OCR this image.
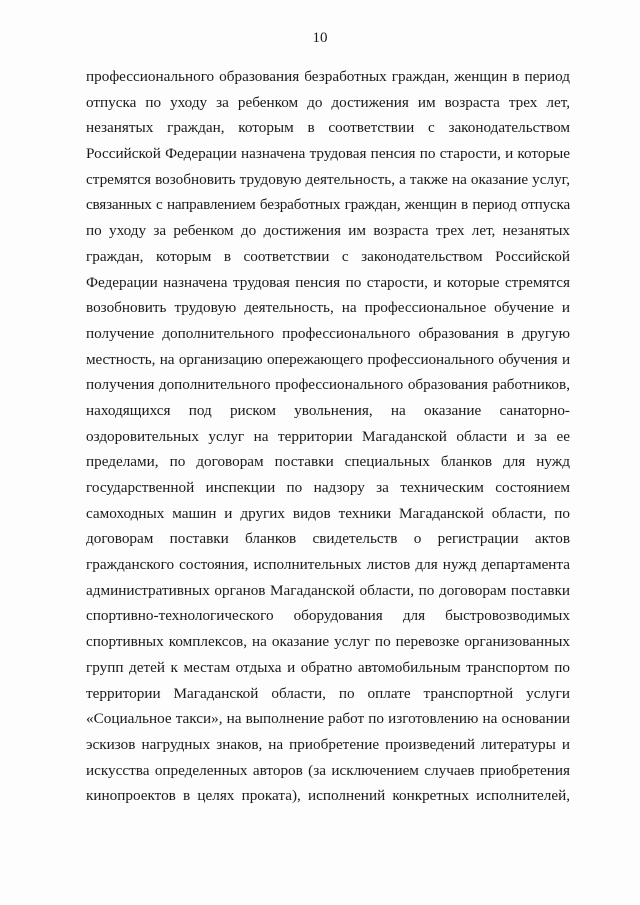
10
профессионального образования безработных граждан, женщин в период
отпуска по уходу за ребенком до достижения им возраста трех лет,
незанятых граждан, которым в соответствии с законодательством
Российской Федерации назначена трудовая пенсия по старости, и которые
стремятся возобновить трудовую деятельность, а также на оказание услуг,
связанных с направлением безработных граждан, женщин в период отпуска
по уходу за ребенком до достижения им возраста трех лет, незанятых
граждан, которым в соответствии с законодательством Российской
Федерации назначена трудовая пенсия по старости, и которые стремятся
возобновить трудовую деятельность, на профессиональное обучение и
получение дополнительного профессионального образования в другую
местность, на организацию опережающего профессионального обучения и
получения дополнительного профессионального образования работников,
находящихся под риском увольнения, на оказание санаторно-
оздоровительных услуг на территории Магаданской области и за ее
пределами, по договорам поставки специальных бланков для нужд
государственной инспекции по надзору за техническим состоянием
самоходных машин и других видов техники Магаданской области, по
договорам поставки бланков свидетельств о регистрации актов
гражданского состояния, исполнительных листов для нужд департамента
административных органов Магаданской области, по договорам поставки
спортивно-технологического оборудования для быстровозводимых
спортивных комплексов, на оказание услуг по перевозке организованных
групп детей к местам отдыха и обратно автомобильным транспортом по
территории Магаданской области, по оплате транспортной услуги
«Социальное такси», на выполнение работ по изготовлению на основании
эскизов нагрудных знаков, на приобретение произведений литературы и
искусства определенных авторов (за исключением случаев приобретения
кинопроектов в целях проката), исполнений конкретных исполнителей,
